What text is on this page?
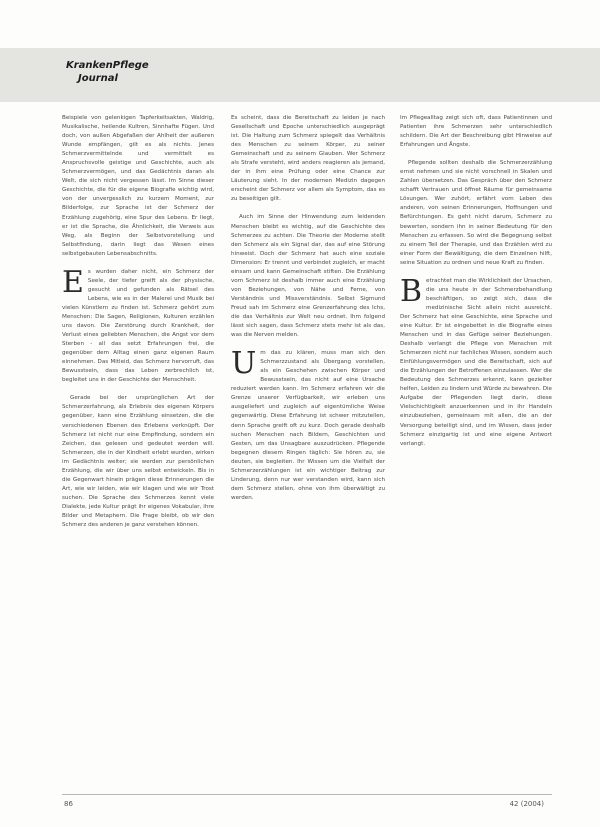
KrankenPflege
Journal

Beispiele von gelenkigen Tapferkeitsakten, Waldrig, Musikalische, heilende Kultren, Sinnhafte Fügen. Und doch, von außen Abgefaßen der Ahlheit der außeren Wunde empfängen, gilt es als nichts. Jenes Schmerzvermittelnde und vermittelt es Anspruchsvolle geistige und Geschichte, auch als Schmerzvermögen, und das Gedächtnis daran als Welt, die sich nicht vergessen lässt. Im Sinne dieser Geschichte, die für die eigene Biografie wichtig wird, von der unvergesslich zu kurzem Moment, zur Bilderfolge, zur Sprache ist der Schmerz der Erzählung zugehörig, eine Spur des Lebens. Er liegt, er ist die Sprache, die Ähnlichkeit, die Verweis aus Weg, als Beginn der Selbstvorstellung und Selbstfindung, darin liegt das Wesen eines selbstgebauten Lebensabschnitts.

Es wurden daher nicht, ein Schmerz der Seele, der tiefer greift als der physische, gesucht und gefunden als Rätsel des Lebens, wie es in der Malerei und Musik bei vielen Künstlern zu finden ist. Schmerz gehört zum Menschen: Die Sagen, Religionen, Kulturen erzählen uns davon. Die Zerstörung durch Krankheit, der Verlust eines geliebten Menschen, die Angst vor dem Sterben - all das setzt Erfahrungen frei, die gegenüber dem Alltag einen ganz eigenen Raum einnehmen. Das Mitleid, das Schmerz hervorruft, das Bewusstsein, dass das Leben zerbrechlich ist, begleitet uns in der Geschichte der Menschheit.

Gerade bei der ursprünglichen Art der Schmerzerfahrung, als Erlebnis des eigenen Körpers gegenüber, kann eine Erzählung einsetzen, die die verschiedenen Ebenen des Erlebens verknüpft. Der Schmerz ist nicht nur eine Empfindung, sondern ein Zeichen, das gelesen und gedeutet werden will. Schmerzen, die in der Kindheit erlebt wurden, wirken im Gedächtnis weiter; sie werden zur persönlichen Erzählung, die wir über uns selbst entwickeln. Bis in die Gegenwart hinein prägen diese Erinnerungen die Art, wie wir leiden, wie wir klagen und wie wir Trost suchen. Die Sprache des Schmerzes kennt viele Dialekte, jede Kultur prägt ihr eigenes Vokabular, ihre Bilder und Metaphern. Die Frage bleibt, ob wir den Schmerz des anderen je ganz verstehen können.

Es scheint, dass die Bereitschaft zu leiden je nach Gesellschaft und Epoche unterschiedlich ausgeprägt ist. Die Haltung zum Schmerz spiegelt das Verhältnis des Menschen zu seinem Körper, zu seiner Gemeinschaft und zu seinem Glauben. Wer Schmerz als Strafe versteht, wird anders reagieren als jemand, der in ihm eine Prüfung oder eine Chance zur Läuterung sieht. In der modernen Medizin dagegen erscheint der Schmerz vor allem als Symptom, das es zu beseitigen gilt.

Auch im Sinne der Hinwendung zum leidenden Menschen bleibt es wichtig, auf die Geschichte des Schmerzes zu achten. Die Theorie der Moderne stellt den Schmerz als ein Signal dar, das auf eine Störung hinweist. Doch der Schmerz hat auch eine soziale Dimension: Er trennt und verbindet zugleich, er macht einsam und kann Gemeinschaft stiften. Die Erzählung vom Schmerz ist deshalb immer auch eine Erzählung von Beziehungen, von Nähe und Ferne, von Verständnis und Missverständnis. Selbst Sigmund Freud sah im Schmerz eine Grenzerfahrung des Ichs, die das Verhältnis zur Welt neu ordnet. Ihm folgend lässt sich sagen, dass Schmerz stets mehr ist als das, was die Nerven melden.

Um das zu klären, muss man sich den Schmerzzustand als Übergang vorstellen, als ein Geschehen zwischen Körper und Bewusstsein, das nicht auf eine Ursache reduziert werden kann. Im Schmerz erfahren wir die Grenze unserer Verfügbarkeit, wir erleben uns ausgeliefert und zugleich auf eigentümliche Weise gegenwärtig. Diese Erfahrung ist schwer mitzuteilen, denn Sprache greift oft zu kurz. Doch gerade deshalb suchen Menschen nach Bildern, Geschichten und Gesten, um das Unsagbare auszudrücken. Pflegende begegnen diesem Ringen täglich: Sie hören zu, sie deuten, sie begleiten. Ihr Wissen um die Vielfalt der Schmerzerzählungen ist ein wichtiger Beitrag zur Linderung, denn nur wer verstanden wird, kann sich dem Schmerz stellen, ohne von ihm überwältigt zu werden.

Im Pflegealltag zeigt sich oft, dass Patientinnen und Patienten ihre Schmerzen sehr unterschiedlich schildern. Die Art der Beschreibung gibt Hinweise auf Erfahrungen und Ängste.

Pflegende sollten deshalb die Schmerzerzählung ernst nehmen und sie nicht vorschnell in Skalen und Zahlen übersetzen. Das Gespräch über den Schmerz schafft Vertrauen und öffnet Räume für gemeinsame Lösungen. Wer zuhört, erfährt vom Leben des anderen, von seinen Erinnerungen, Hoffnungen und Befürchtungen. Es geht nicht darum, Schmerz zu bewerten, sondern ihn in seiner Bedeutung für den Menschen zu erfassen. So wird die Begegnung selbst zu einem Teil der Therapie, und das Erzählen wird zu einer Form der Bewältigung, die dem Einzelnen hilft, seine Situation zu ordnen und neue Kraft zu finden.

Betrachtet man die Wirklichkeit der Ursachen, die uns heute in der Schmerzbehandlung beschäftigen, so zeigt sich, dass die medizinische Sicht allein nicht ausreicht. Der Schmerz hat eine Geschichte, eine Sprache und eine Kultur. Er ist eingebettet in die Biografie eines Menschen und in das Gefüge seiner Beziehungen. Deshalb verlangt die Pflege von Menschen mit Schmerzen nicht nur fachliches Wissen, sondern auch Einfühlungsvermögen und die Bereitschaft, sich auf die Erzählungen der Betroffenen einzulassen. Wer die Bedeutung des Schmerzes erkennt, kann gezielter helfen, Leiden zu lindern und Würde zu bewahren. Die Aufgabe der Pflegenden liegt darin, diese Vielschichtigkeit anzuerkennen und in ihr Handeln einzubeziehen, gemeinsam mit allen, die an der Versorgung beteiligt sind, und im Wissen, dass jeder Schmerz einzigartig ist und eine eigene Antwort verlangt.

86	42 (2004)
